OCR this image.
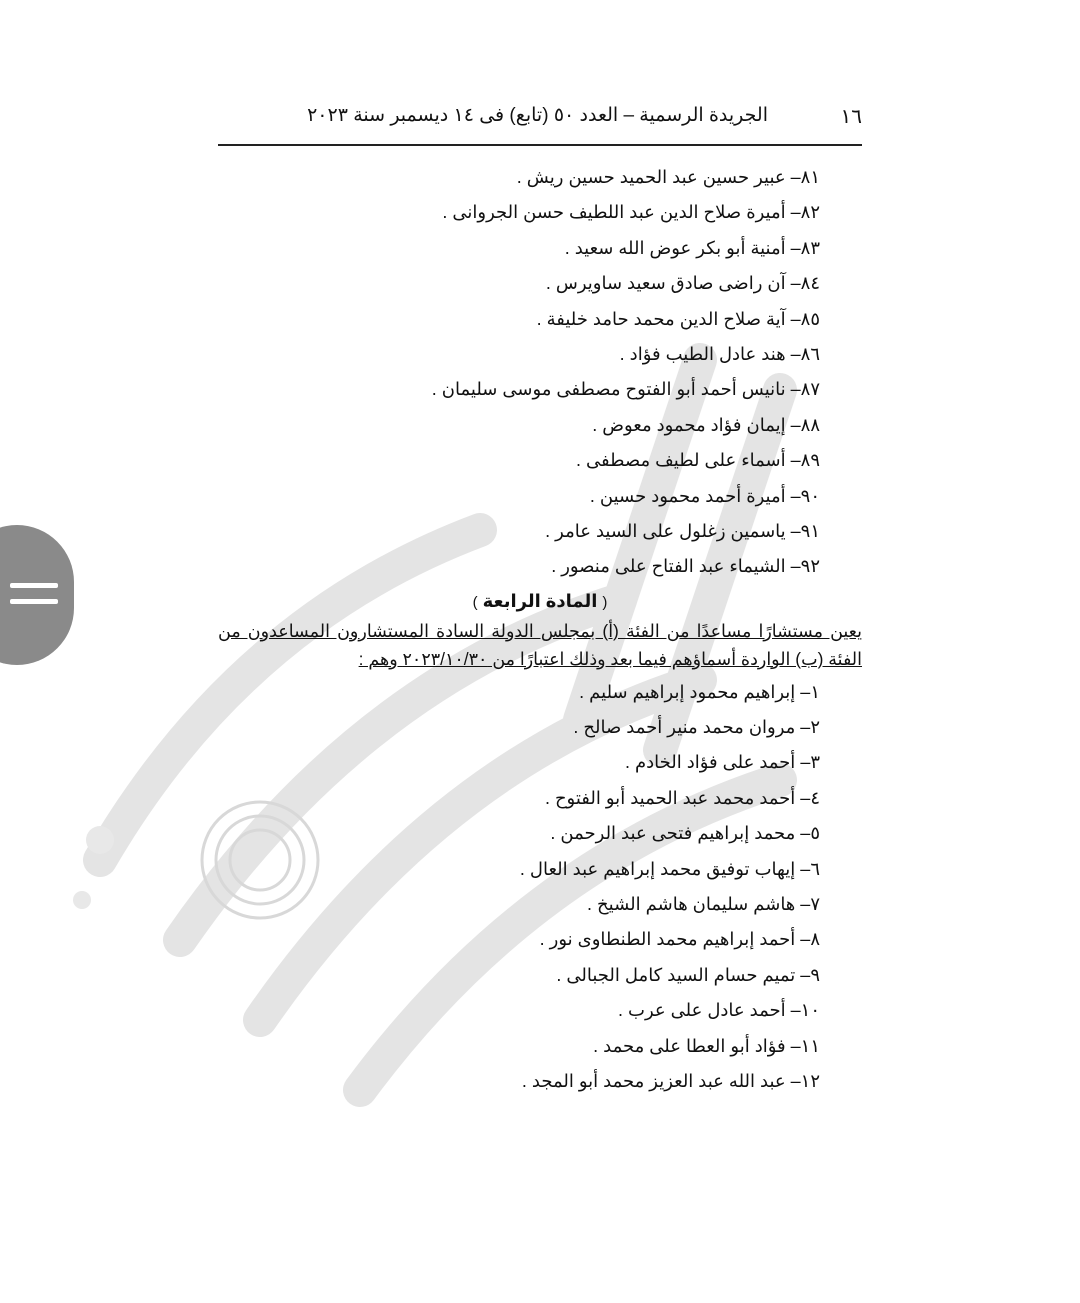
١٦
الجريدة الرسمية – العدد ٥٠ (تابع) فى ١٤ ديسمبر سنة ٢٠٢٣
٨١– عبير حسين عبد الحميد حسين ريش .
٨٢– أميرة صلاح الدين عبد اللطيف حسن الجروانى .
٨٣– أمنية أبو بكر عوض الله سعيد .
٨٤– آن راضى صادق سعيد ساويرس .
٨٥– آية صلاح الدين محمد حامد خليفة .
٨٦– هند عادل الطيب فؤاد .
٨٧– نانيس أحمد أبو الفتوح مصطفى موسى سليمان .
٨٨– إيمان فؤاد محمود معوض .
٨٩– أسماء على لطيف مصطفى .
٩٠– أميرة أحمد محمود حسين .
٩١– ياسمين زغلول على السيد عامر .
٩٢– الشيماء عبد الفتاح على منصور .
( المادة الرابعة )
يعين مستشارًا مساعدًا من الفئة (أ) بمجلس الدولة السادة المستشارون المساعدون من الفئة (ب) الواردة أسماؤهم فيما بعد وذلك اعتبارًا من ٢٠٢٣/١٠/٣٠ وهم :
١– إبراهيم محمود إبراهيم سليم .
٢– مروان محمد منير أحمد صالح .
٣– أحمد على فؤاد الخادم .
٤– أحمد محمد عبد الحميد أبو الفتوح .
٥– محمد إبراهيم فتحى عبد الرحمن .
٦– إيهاب توفيق محمد إبراهيم عبد العال .
٧– هاشم سليمان هاشم الشيخ .
٨– أحمد إبراهيم محمد الطنطاوى نور .
٩– تميم حسام السيد كامل الجبالى .
١٠– أحمد عادل على عرب .
١١– فؤاد أبو العطا على محمد .
١٢– عبد الله عبد العزيز محمد أبو المجد .
